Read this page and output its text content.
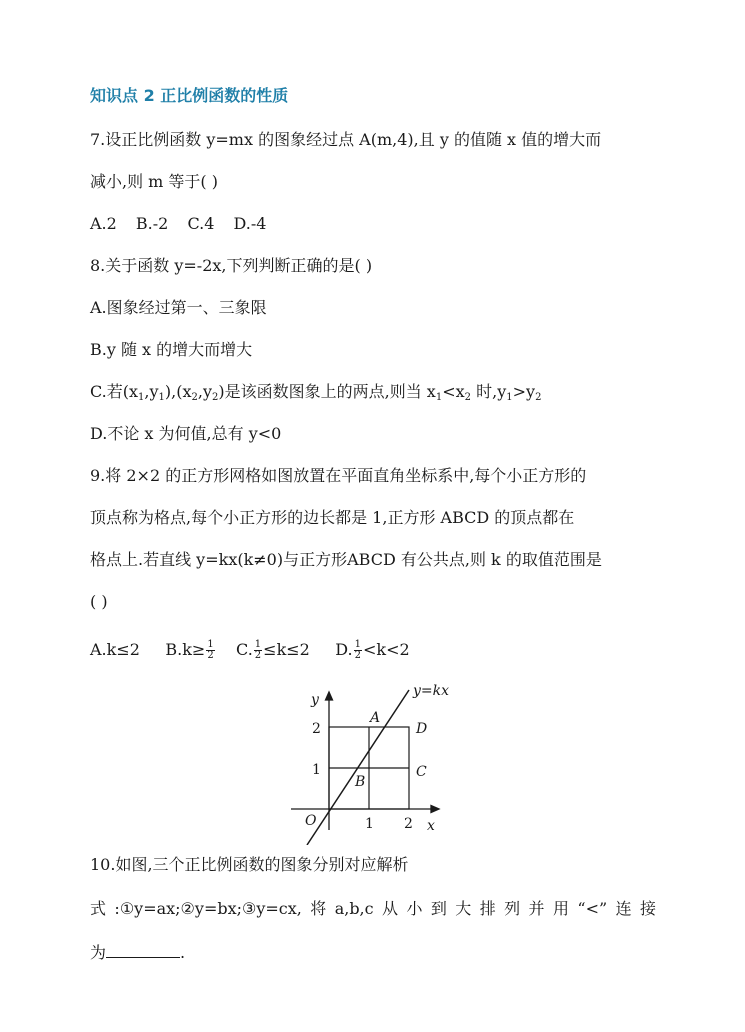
知识点 2 正比例函数的性质
7.设正比例函数 y=mx 的图象经过点 A(m,4),且 y 的值随 x 值的增大而
减小,则 m 等于( )
A.2 B.-2 C.4 D.-4
8.关于函数 y=-2x,下列判断正确的是( )
A.图象经过第一、三象限
B.y 随 x 的增大而增大
C.若$(x_1,y_1),(x_2,y_2)$是该函数图象上的两点,则当 $x_1<x_2$ 时$,y_1>y_2$
D.不论 x 为何值,总有 y<0
9.将 2×2 的正方形网格如图放置在平面直角坐标系中,每个小正方形的
顶点称为格点,每个小正方形的边长都是 1,正方形 ABCD 的顶点都在
格点上.若直线 y=kx(k≠0)与正方形ABCD 有公共点,则 k 的取值范围是
( )
A.k≤2 $B.k\ge \frac{1}{2} C$. $\frac{1}{2} \le k\le 2$ D. $\frac{1}{2} <k<2$
y=kx
y
x
O
A
B
C
D
1 2
1
2
10.如图,三个正比例函数的图象分别对应解析
式 :①y=ax;②y=bx;③y=cx, 将 a,b,c 从 小 到 大 排 列 并 用 “<” 连 接
为	.
